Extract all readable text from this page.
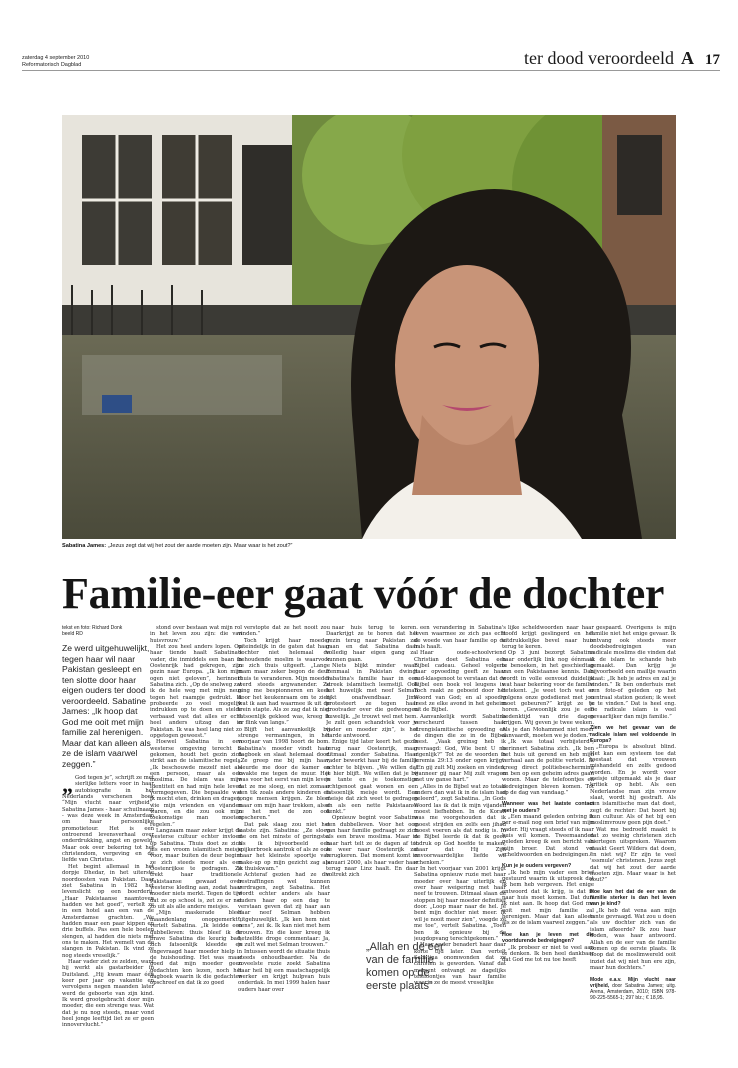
zaterdag 4 september 2010
Reformatorisch Dagblad	ter dood veroordeeld A 17
Sabatina James: „Jezus zegt dat wij het zout der aarde moeten zijn. Maar waar is het zout?”
Familie-eer gaat vóór de dochter
tekst en foto: Richard Donk
beeld RD

Ze werd uitgehuwelijkt, tegen haar wil naar Pakistan gesleept en ten slotte door haar eigen ouders ter dood veroordeeld. Sabatine James: „Ik hoop dat God me ooit met mijn familie zal herenigen. Maar dat kan alleen als ze de islam vaarwel zeggen.”

„ God tegen je”, schrijft ze met sierlijke letters voor in haar autobiografie in het Nederlands verschenen boek “Mijn vlucht naar vrijheid”. Sabatina James - haar schuilnaam - was deze week in Amsterdam om haar persoonlijke promotietour. Het is een ontroerend levensverhaal over onderdrukking, angst en geweld. Maar ook over bekering tot het christendom, vergeving en de liefde van Christus.

Het begint allemaal in het dorpje Dhedar, in het uiterste noordoosten van Pakistan. Daar ziet Sabatina in 1982 het levenslicht op een boerderij. „Haar Pakistaanse naamtoven hadden we het goed”, vertelt ze in een hotel aan een van de Amsterdamse grachten. „We hadden maar een paar kippen en drie buffels. Pas een hele boelen slengen, al hadden die niets met ons te maken. Het wemelt van de slangen in Pakistan. Ik vind ze nog steeds vreselijk.”

Haar vader ziet ze zelden, want hij werkt als gastarbeider in Duitsland. „Hij kwam maar één keer per jaar op vakantie en vervolgens negen maanden later werd de geboorte van zijn kind. Ik werd grootgebracht door mijn moeder, die een strenge was. Wat dat je nu nog steeds, maar vond heel jonge leeftijd liet ze er geen innovervlucht.”

stond over bestaan wat mijn rol in het leven zou zijn: die van huisvrouw.”

Het zou heel anders lopen. Op haar tiende haalt Sabatina's vader, die inmiddels een baan in Oostenrijk had gekregen, zijn gezin naar Europa. „Ik kon mijn ogen niet geloven”, herinnert Sabatina zich. „Op de snelweg zat ik de hele weg met mijn neus tegen het raampje gedrukt. Ik probeerde zo veel mogelijk indrukken op te doen en stelde verbaasd vast dat alles er echt heel anders uitzag dan in Pakistan. Ik was heel lang niet zo opgetogen geweest.”

Hoewel Sabatina in een westerse omgeving terecht is gekomen, houdt het gezin zich strikt aan de islamitische regels. „Ik beschouwde mezelf niet als een persoon, maar als een moslima. De islam was mijn identiteit en had mijn hele leven vormgegeven. Die bepaalde wat ik mocht eten, drinken en dragen, wie mijn vrienden en vijanden waren, en die zou ook mijn toekomstige man moeten regelen.”

Langzaam maar zeker krijgt de westerse cultuur echter invloed op Sabatina. Thuis doet ze zich als een vroom islamitisch meisje voor, maar buiten de deur begint ze zich steeds meer als een Oostenrijkse te gedragen. Ze trekt haar traditionele Pakistaanse gewaad over westerse kleding aan, zodat haar moeder niets merkt. Tegen de tijd dat ze op school is, zet ze er net zo uit als alle andere meisjes.

„Mijn maskerade bleef maandenlang onopgemerkt”, vertelt Sabatina. „Ik leidde een dubbelleven: thuis bleef ik de brave Sabatina die keurig bad, zich fatsoenlijk kleedde en ongevraagd haar moeder hielp in de huishouding. Het was maar goed dat mijn moeder geen gedachten kon lezen, noch het dagboek waarin ik die gedachten opschreef en dat ik zo goed

verstopte dat ze het nooit zou vinden.”

Toch krijgt haar moeder uiteindelijk in de gaten dat haar dochter niet helemaal de behoudende moslim is waarvoor ze zich thuis uitgeeft. „Lange mam maar zeker begon de deur thuis te veranderen. Mijn moeder werd steeds argwanender. Ze ging me bespionneren en keek door het keukenraam om te zien wat ik aan had waarmee ik uit de trein stapte. Als ze zag dat ik niet fatsoenlijk gekleed was, kreeg ik er flink van langs.”

Blijft het aanvankelijk bij strenge vermaningen, in het voorjaar van 1998 hoort de bom. Sabatina's moeder vindt haar dagboek en slaat helemaal door. „Ze greep me bij mijn haar, sleurde me door de kamer en kwakte me tegen de muur. Het was voor het eerst van mijn leven dat ze me sloeg, en niet zomaar een tik zoals andere kinderen en jonge mensen krijgen. Ze bleef maar om mijn haar trekken, alsof ze het met de zon ook opscheren.”

Dat pak slaag zou niet het laatste zijn. Sabatina: „Ze sloeg me om het minste of geringste: als ik bijvoorbeeld een spijkerbroek aantrok of als ze ook maar het kleinste spoortje van make-up op mijn gezicht zag als ik thuiskwam.”

Achteraf gezien had ze die bestraffingen wel kunnen verdragen, zegt Sabatina. Het wordt echter anders als haar ouders haar op een dag te verstaan geven dat zij haar aan haar neef Selman hebben uitgehuwelijkt. „Ik ken hem niet eens”, zei ik. Ik kan niet met hem trouwen. En die keer kreeg ik hetzelfde droge commentaar: Ja, je zult wel met Selman trouwen.”

Intussen wordt de situatie thuis steeds onhoudbaarder. Na de zoveelste ruzie zoekt Sabatina haar heil bij een maatschappelijk werker en krijgt hulpvan huis onderdak. In mei 1999 halen haar ouders haar over

naar huis terug te keren. Daarkrijgt ze te horen dat het gezin terug naar Pakistan zal gaan en dat Sabatina daar volledig haar eigen gang zal kunnen gaan.

Niets blijkt minder waar. Eenmaal in Pakistan dwingt Sabatina's familie haar in een streek islamitisch leemstijl. Ook het huwelijk met neef Selman lijkt onafwendbaar. Jims protesteert ze tegen haar grootvader over die gedwongen huwelijk. „Je trouwt wel met hem. Je zult geen schandvlek voor je vader en moeder zijn”, is het harde antwoord.

Enige tijd later keert het gezin terug naar Oostenrijk, maar ditmaal zonder Sabatina. Haar vader bewerkt haar bij de familie achter te blijven. „We willen dat je hier blijft. We willen dat je bij je tante en je toekomstige echtgenoot gaat wonen en een fatsoenlijk meisje wordt. Een meisje dat zich weet te gedragen en als een nette Pakistaanse denkt.”

Opnieuw begint voor Sabatina een dubbelleven. Voor het oog van haar familie gedraagt ze zich als een brave moslima. Maar in haar hart telt ze de dagen af tot ze weer naar Oostenrijk zal terugkeren. Dat moment komt in januari 2000, als haar vader haar terug naar Linz haalt. En daar voltrekt zich

een verandering in Sabatina's leven waarmee ze zich pas echt de woede van haar familie op de hals haalt.

Haar oude-schoolvriend Christian doet Sabatina een Bijbel cadeau. Geheel volgens haar opvoeding geeft ze haar oud-klasgenoot te verstaan dat de Bijbel een boek vol leugens is. Toch raakt ze geboeid door het Woord van God; en al spoedig leest ze elke avond in het geheim uit de Bijbel.

Aanvankelijk wordt Sabatina verscheurd tussen haar strengislamitische opvoeding en de dingen die ze in de Bijbel leest. „Vaak greinsg heb ik gevraagd: God, Wie bent U nu eigenlijk?” Tot ze de woorden in Jeremia 29:13 onder ogen krijgt: „En gij zult Mij zoeken en vinden, wanneer gij naar Mij zult vragen met uw ganse hart.”

„Alles in de Bijbel wat zo totaal anders dan wat ik in de islam had geleerd”, zegt Sabatina. „In Gods Woord las ik dat ik mijn vijanden moest liefhebben. In de Koran was me voorgehouden dat ik moest strijden en zelfs een jihad moest voeren als dat nodig is. In de Bijbel leerde ik dat ik geen indruk op God hoefde te maken, maar dat Hij Zijn onvoorwaardelijke liefde wil schenken.”

In het voorjaar van 2001 krijgt Sabatina opnieuw ruzie met haar moeder over haar uiterlijk en over haar weigering met haar neef te trouwen. Ditmaal slaan de stoppen bij haar moeder definitief door. „Loop maar naar de hel. Je bent mijn dochter niet meer. Ik wil je nooit meer zien”, voegde ze me toe”, vertelt Sabatina. „Toen ben ik opnieuw bij de jeugdopvang terechtgekomen.”

Haar vader benadert haar daar korte tijd later. Dan vertelt Sabatina onomwonden dat ze christen is geworden. Vanaf dat moment ontvangt ze dagelijks telefoontjes van haar familie waarin ze de meest vreselijke

lijke scheldwoorden naar haar hoofd krijgt geslingerd en het uitdrukkelijke bevel naar huis terug te keren.

Op 3 juni bezorgt Sabatina haar onderlijk link nog éénmaal te benoeken, in het geschiedtag van een Pakistaanse kennis. Dan wordt in volle eenvoud duidelijk wat haar bekering voor de familie betekent. „Je weet toch wat er volgens onze godsdienst met jou moet gebeuren?” krijgt ze te horen. „Gewoonlijk zou je een bedenktijd van drie dagen krijgen. Wij geven je twee weken. Als je dan Mohammed niet meer aanvaardt, moeten we je doden.”

„Ik was totaal verbijsterd”, herinnert Sabatina zich. „Ik ben het huis uit gerend en heb mijn verhaal aan de politie verteld. Ik kreeg direct politiebescherming en ben op een geheim adres gaan wonen. Maar de telefoontjes en bedreigingen bleven komen. Tot op de dag van vandaag.”

Wanneer was het laatste contact met je ouders?

„Een maand geleden ontving ik per e-mail nog een brief van mijn vader. Hij vraagt steeds of ik naar huis wil komen. Tweemaanden geleden kreeg ik een bericht van mijn broer. Dat stond vol scheldwoorden en bedreigingen.”

Kun je je ouders vergeven?

„Ik heb mijn vader een brief gestuurd waarin ik uitspreek dat ik hem heb vergeven. Het enige antwoord dat ik krijg, is dat ik naar huis moet komen. Dat durf ik niet aan. Ik hoop dat God me ooit met mijn familie zal herenigen. Maar dat kan alleen als ze de islam vaarwel zeggen.”

Hoe kan je leven met die voortdurende bedreigingen?

„Ik probeer er niet te veel aan te denken. Ik ben heel dankbaar dat God me tot nu toe heeft

gespaard. Overigens is mijn familie niet het enige gevaar. Ik ontvang ook steeds meer doodsbedreigingen van radicale moslims die vinden dat ik de islam te schande heb gemaakt. Dan krijg je bijvoorbeeld een mailtje waarin staat: „Ik heb je adres en zal je vinden.” Ik ben onderhuis met een foto-of geleden op het centraal station gezien; ik weet je te vinden.” Dat is heel eng. De radicale islam is veel gevaarlijker dan mijn familie.”

Zien we het gevaar van de radicale islam wel voldoende in Europa?

„Europa is absoluut blind. Het kan een systeem toe dat toestaat dat vrouwen mishandeld en zelfs gedood worden. En je wordt voor meisje uitgemaakt als je daar kritiek op hebt. Als een Nederlandse man zijn vrouw slaat, wordt hij gestraft. Als een islamitische man dat doet, zegt de rechter: Dat hoort bij hun cultuur. Als of het bij een moslimvrouw geen pijn doet.”

Wat me bedroefd maakt is dat zo weinig christenen zich hiertegen uitspreken. Waarom maakt Geert Wilders dat doen, en niet wij? Er zijn te veel 'sssmule' christenen. Jezus zegt dat wij het zout der aarde moeten zijn. Maar waar is het zout?”

Hoe kan het dat de eer van de familie sterker is dan het leven van je kind?

„Ik heb dat vena aan mijn tante gevraagd. Wat zou u doen als uw dochter zich van de islam afkeerde? Ik zou haar doden, was haar antwoord. Allah en de eer van de familie komen op de eerste plaats. Ik hoop dat de moslimwereld ooit inziet dat wij niet hun ere zijn, maar hun dochters.”

Mode e.a.v. Mijn vlucht naar vrijheid, door Sabatina James; uitg. Arena, Amsterdam, 2010; ISBN 978-90-225-5565-1; 297 blz.; € 18,95.

„Allah en de eer van de familie komen op de eerste plaats”
